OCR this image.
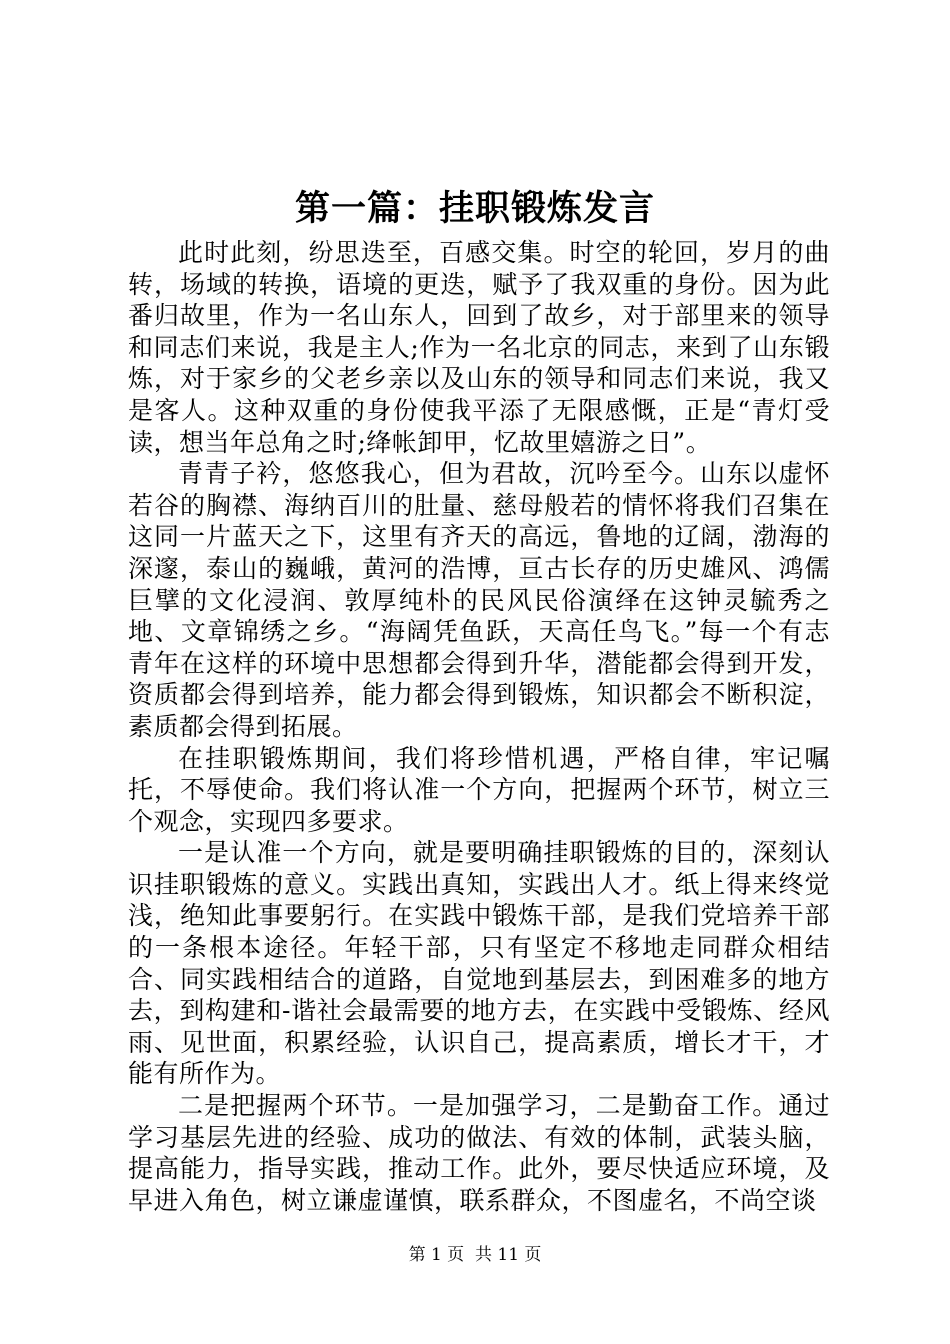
第一篇：挂职锻炼发言

此时此刻，纷思迭至，百感交集。时空的轮回，岁月的曲转，场域的转换，语境的更迭，赋予了我双重的身份。因为此番归故里，作为一名山东人，回到了故乡，对于部里来的领导和同志们来说，我是主人;作为一名北京的同志，来到了山东锻炼，对于家乡的父老乡亲以及山东的领导和同志们来说，我又是客人。这种双重的身份使我平添了无限感慨，正是“青灯受读，想当年总角之时;绛帐卸甲，忆故里嬉游之日”。

青青子衿，悠悠我心，但为君故，沉吟至今。山东以虚怀若谷的胸襟、海纳百川的肚量、慈母般若的情怀将我们召集在这同一片蓝天之下，这里有齐天的高远，鲁地的辽阔，渤海的深邃，泰山的巍峨，黄河的浩博，亘古长存的历史雄风、鸿儒巨擘的文化浸润、敦厚纯朴的民风民俗演绎在这钟灵毓秀之地、文章锦绣之乡。“海阔凭鱼跃，天高任鸟飞。”每一个有志青年在这样的环境中思想都会得到升华，潜能都会得到开发，资质都会得到培养，能力都会得到锻炼，知识都会不断积淀，素质都会得到拓展。

在挂职锻炼期间，我们将珍惜机遇，严格自律，牢记嘱托，不辱使命。我们将认准一个方向，把握两个环节，树立三个观念，实现四多要求。

一是认准一个方向，就是要明确挂职锻炼的目的，深刻认识挂职锻炼的意义。实践出真知，实践出人才。纸上得来终觉浅，绝知此事要躬行。在实践中锻炼干部，是我们党培养干部的一条根本途径。年轻干部，只有坚定不移地走同群众相结合、同实践相结合的道路，自觉地到基层去，到困难多的地方去，到构建和-谐社会最需要的地方去，在实践中受锻炼、经风雨、见世面，积累经验，认识自己，提高素质，增长才干，才能有所作为。

二是把握两个环节。一是加强学习，二是勤奋工作。通过学习基层先进的经验、成功的做法、有效的体制，武装头脑，提高能力，指导实践，推动工作。此外，要尽快适应环境，及早进入角色，树立谦虚谨慎，联系群众，不图虚名，不尚空谈

第 1 页  共 11 页
